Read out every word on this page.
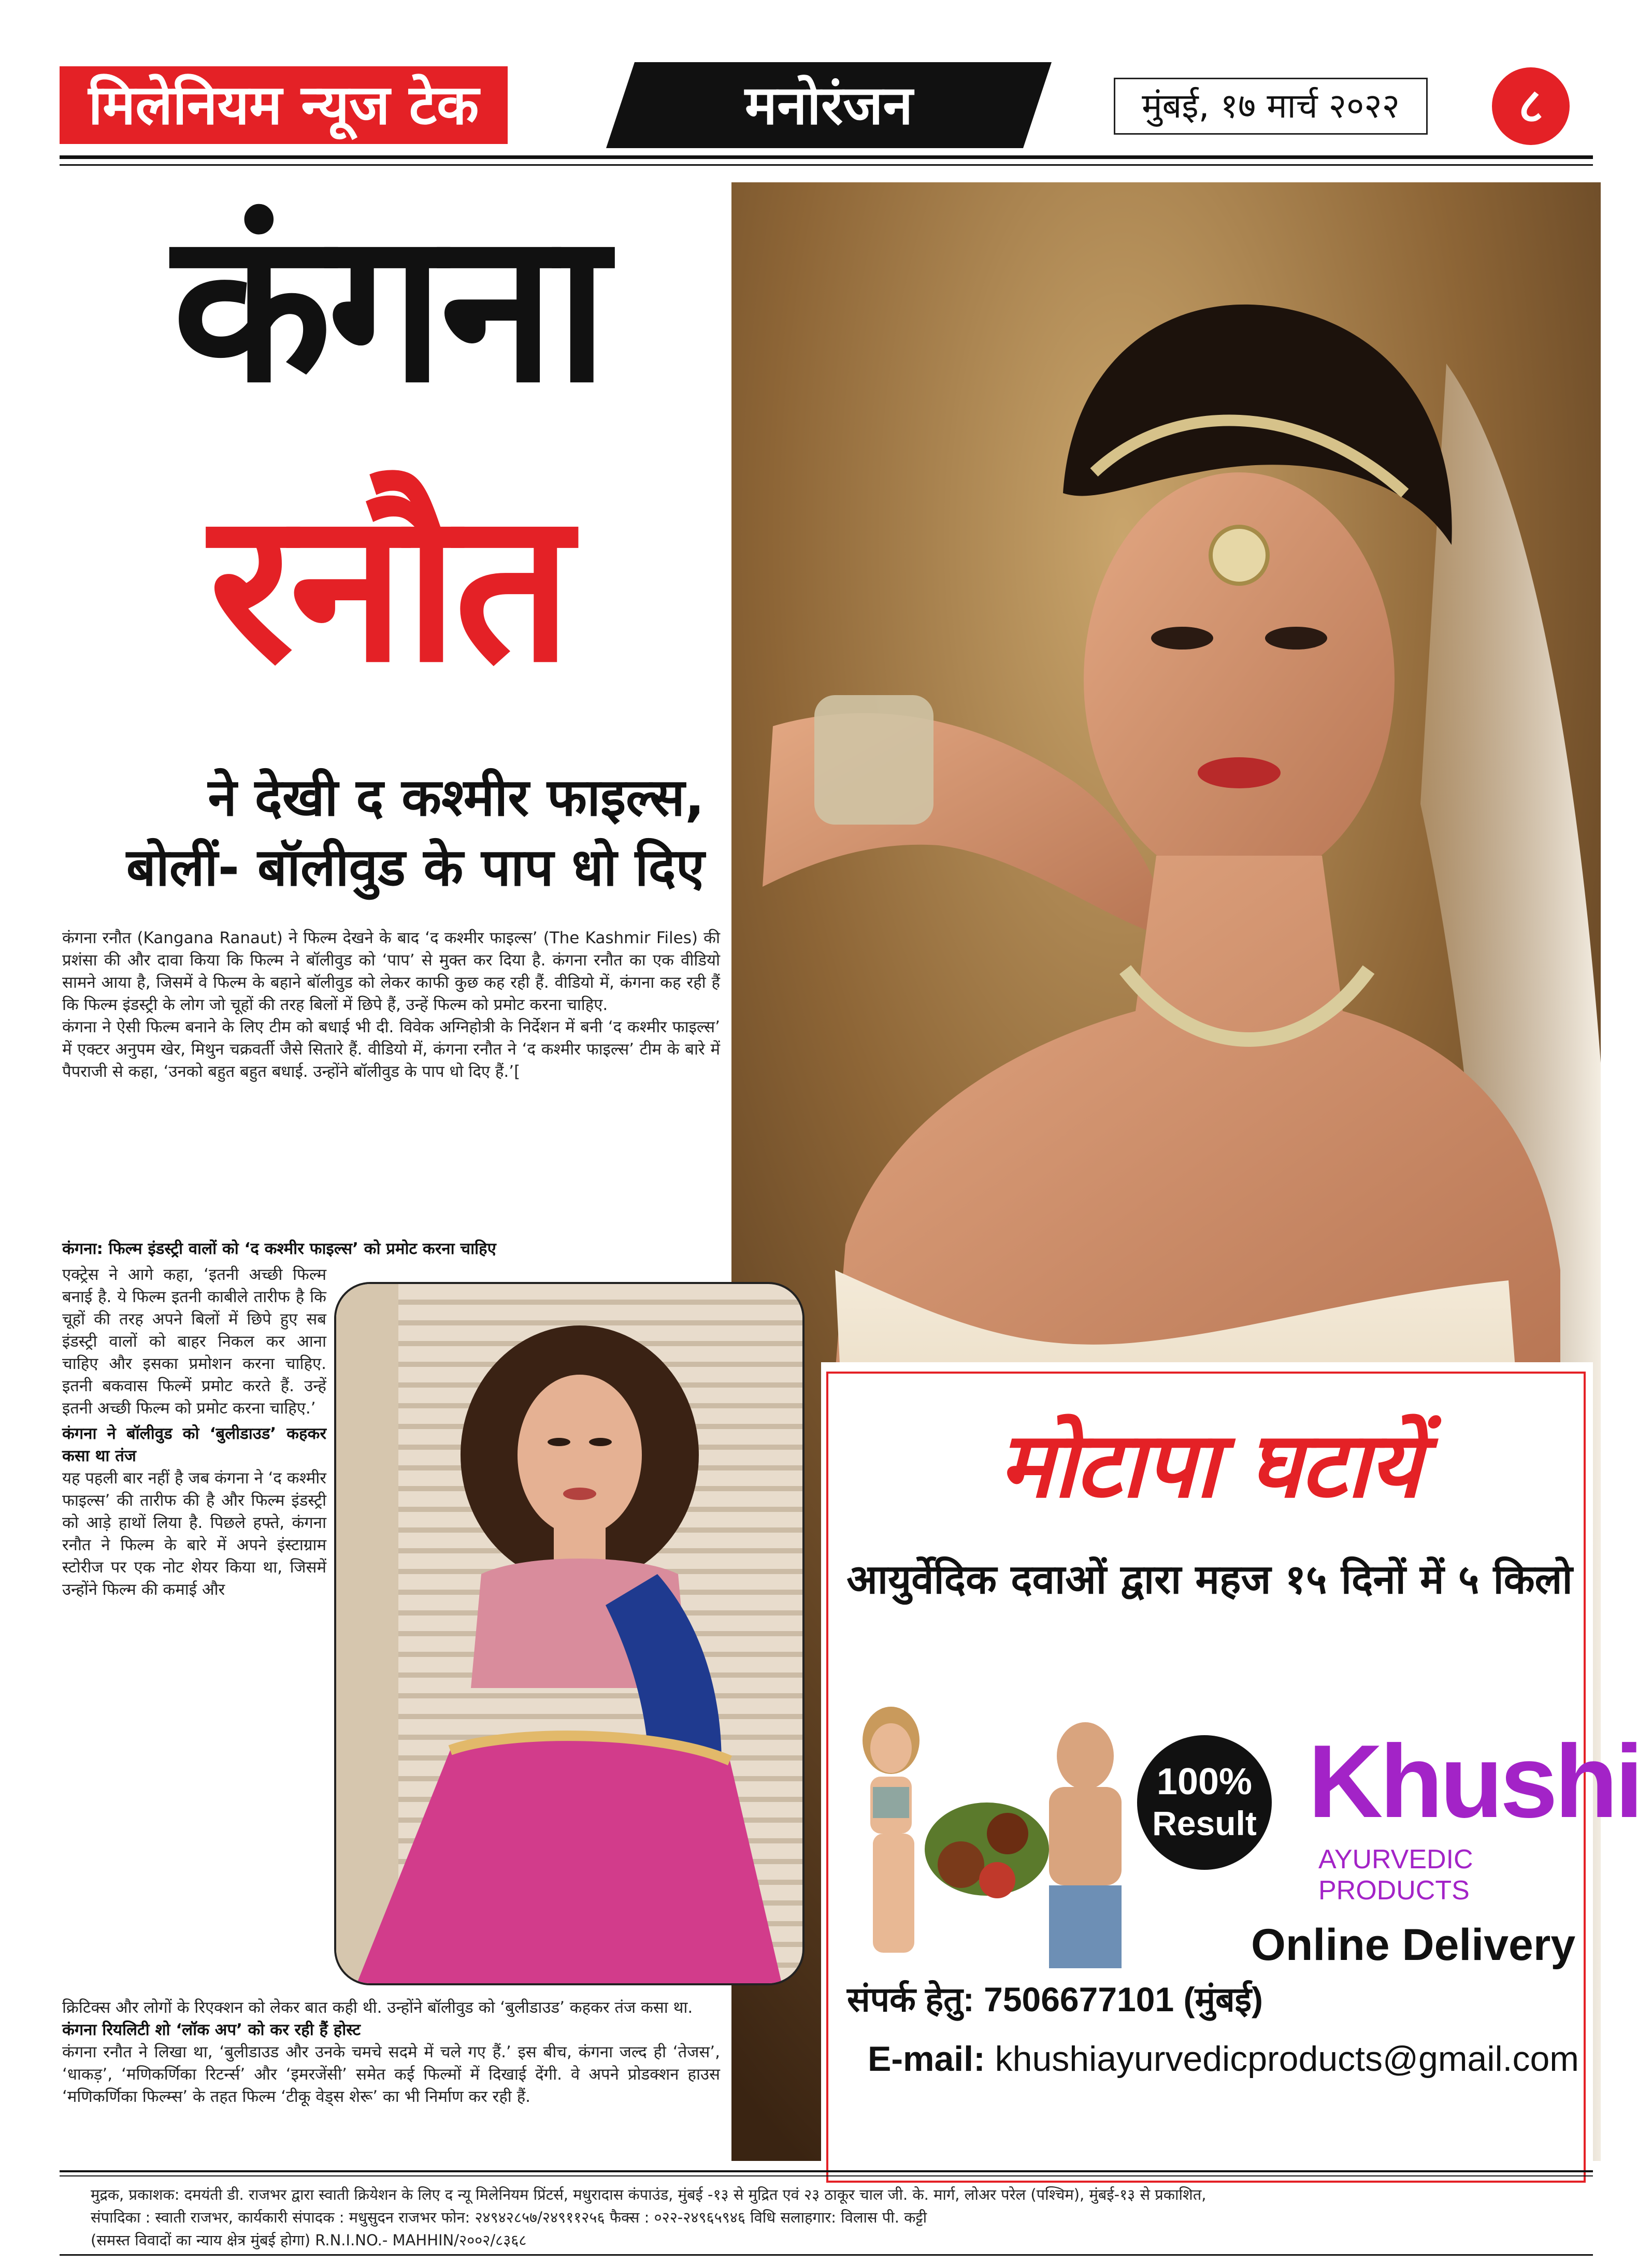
मिलेनियम न्यूज टेक	मनोरंजन	मुंबई, १७ मार्च २०२२	८
कंगना
रनौत
ने देखी द कश्मीर फाइल्स,
बोलीं- बॉलीवुड के पाप धो दिए

कंगना रनौत (Kangana Ranaut) ने फिल्म देखने के बाद ‘द कश्मीर फाइल्स’ (The Kashmir Files) की प्रशंसा की और दावा किया कि फिल्म ने बॉलीवुड को ‘पाप’ से मुक्त कर दिया है. कंगना रनौत का एक वीडियो सामने आया है, जिसमें वे फिल्म के बहाने बॉलीवुड को लेकर काफी कुछ कह रही हैं. वीडियो में, कंगना कह रही हैं कि फिल्म इंडस्ट्री के लोग जो चूहों की तरह बिलों में छिपे हैं, उन्हें फिल्म को प्रमोट करना चाहिए.

कंगना ने ऐसी फिल्म बनाने के लिए टीम को बधाई भी दी. विवेक अग्निहोत्री के निर्देशन में बनी ‘द कश्मीर फाइल्स’ में एक्टर अनुपम खेर, मिथुन चक्रवर्ती जैसे सितारे हैं. वीडियो में, कंगना रनौत ने ‘द कश्मीर फाइल्स’ टीम के बारे में पैपराजी से कहा, ‘उनको बहुत बहुत बधाई. उन्होंने बॉलीवुड के पाप धो दिए हैं.’[

कंगना: फिल्म इंडस्ट्री वालों को ‘द कश्मीर फाइल्स’ को प्रमोट करना चाहिए

एक्ट्रेस ने आगे कहा, ‘इतनी अच्छी फिल्म बनाई है. ये फिल्म इतनी काबीले तारीफ है कि चूहों की तरह अपने बिलों में छिपे हुए सब इंडस्ट्री वालों को बाहर निकल कर आना चाहिए और इसका प्रमोशन करना चाहिए. इतनी बकवास फिल्में प्रमोट करते हैं. उन्हें इतनी अच्छी फिल्म को प्रमोट करना चाहिए.’

कंगना ने बॉलीवुड को ‘बुलीडाउड’ कहकर कसा था तंज

यह पहली बार नहीं है जब कंगना ने ‘द कश्मीर फाइल्स’ की तारीफ की है और फिल्म इंडस्ट्री को आड़े हाथों लिया है. पिछले हफ्ते, कंगना रनौत ने फिल्म के बारे में अपने इंस्टाग्राम स्टोरीज पर एक नोट शेयर किया था, जिसमें उन्होंने फिल्म की कमाई और

क्रिटिक्स और लोगों के रिएक्शन को लेकर बात कही थी. उन्होंने बॉलीवुड को ‘बुलीडाउड’ कहकर तंज कसा था.

कंगना रियलिटी शो ‘लॉक अप’ को कर रही हैं होस्ट

कंगना रनौत ने लिखा था, ‘बुलीडाउड और उनके चमचे सदमे में चले गए हैं.’ इस बीच, कंगना जल्द ही ‘तेजस’, ‘धाकड़’, ‘मणिकर्णिका रिटर्न्स’ और ‘इमरजेंसी’ समेत कई फिल्मों में दिखाई देंगी. वे अपने प्रोडक्शन हाउस ‘मणिकर्णिका फिल्म्स’ के तहत फिल्म ‘टीकू वेड्स शेरू’ का भी निर्माण कर रही हैं.

मोटापा घटायें
आयुर्वेदिक दवाओं द्वारा महज १५ दिनों में ५ किलो
100%
Result Khushi
AYURVEDIC PRODUCTS
Online Delivery
संपर्क हेतु: 7506677101 (मुंबई)
E-mail: khushiayurvedicproducts@gmail.com
मुद्रक, प्रकाशक: दमयंती डी. राजभर द्वारा स्वाती क्रियेशन के लिए द न्यू मिलेनियम प्रिंटर्स, मधुरादास कंपाउंड, मुंबई -१३ से मुद्रित एवं २३ ठाकूर चाल जी. के. मार्ग, लोअर परेल (पश्चिम), मुंबई-१३ से प्रकाशित,
संपादिका : स्वाती राजभर, कार्यकारी संपादक : मधुसुदन राजभर फोन: २४९४२८५७/२४९११२५६ फैक्स : ०२२-२४९६५९४६ विधि सलाहगार: विलास पी. कट्टी
(समस्त विवादों का न्याय क्षेत्र मुंबई होगा) R.N.I.NO.- MAHHIN/२००२/८३६८
